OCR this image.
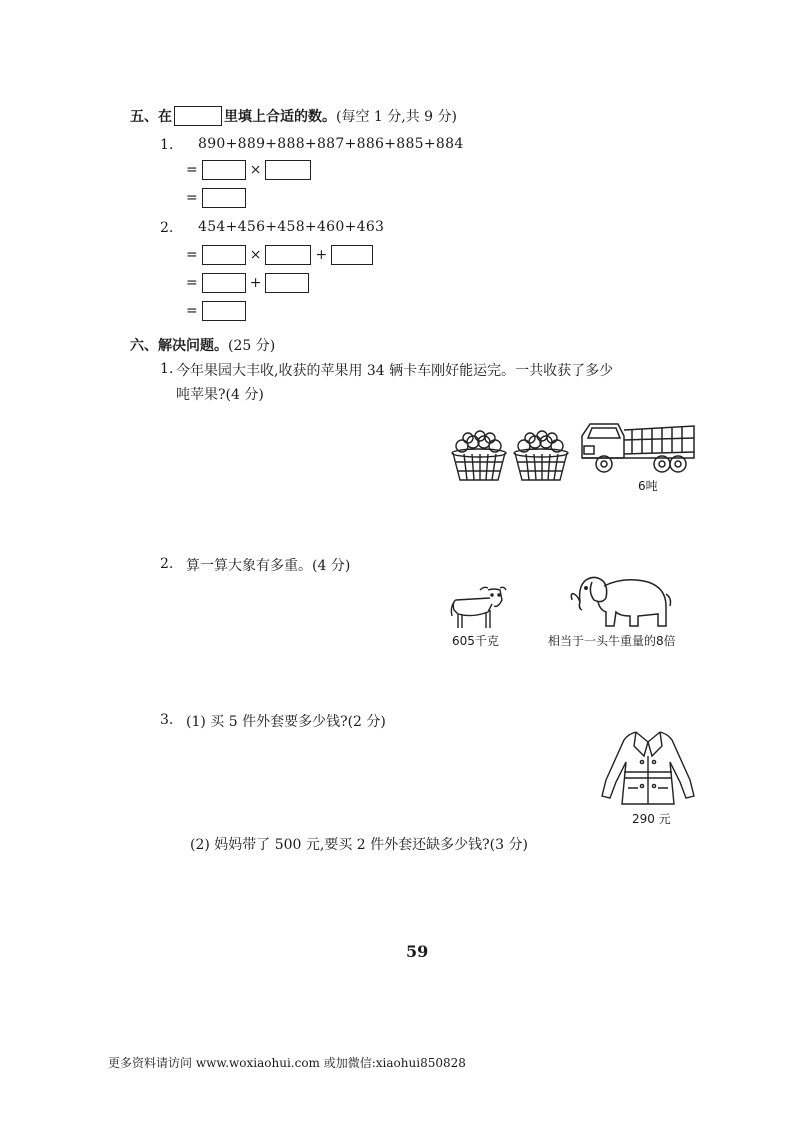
五、在	里填上合适的数。 (每空 1 分,共 9 分)
1. 890+889+888+887+886+885+884
=	×
=
2. 454+456+458+460+463
=	×	+
=	+
=
六、解决问题。(25 分)
1. 今年果园大丰收,收获的苹果用 34 辆卡车刚好能运完。一共收获了多少
吨苹果?(4 分)
6吨
2. 算一算大象有多重。(4 分)
605千克	相当于一头牛重量的8倍
3. (1) 买 5 件外套要多少钱?(2 分)
290 元
(2) 妈妈带了 500 元,要买 2 件外套还缺多少钱?(3 分)
59
更多资料请访问 www.woxiaohui.com 或加微信:xiaohui850828
